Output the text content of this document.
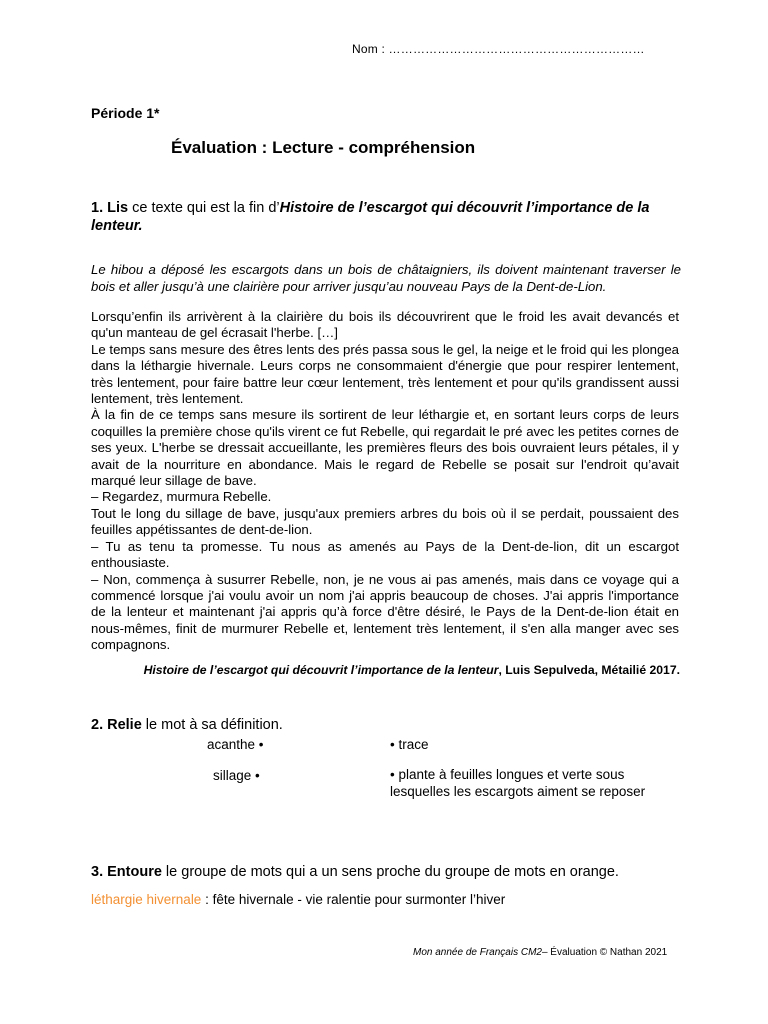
Nom : ………………………………………………………
Période 1*
Évaluation : Lecture - compréhension
1. Lis ce texte qui est la fin d’Histoire de l’escargot qui découvrit l’importance de la lenteur.
Le hibou a déposé les escargots dans un bois de châtaigniers, ils doivent maintenant traverser le bois et aller jusqu’à une clairière pour arriver jusqu’au nouveau Pays de la Dent-de-Lion.

Lorsqu’enfin ils arrivèrent à la clairière du bois ils découvrirent que le froid les avait devancés et qu'un manteau de gel écrasait l'herbe. […]

Le temps sans mesure des êtres lents des prés passa sous le gel, la neige et le froid qui les plongea dans la léthargie hivernale. Leurs corps ne consommaient d'énergie que pour respirer lentement, très lentement, pour faire battre leur cœur lentement, très lentement et pour qu'ils grandissent aussi lentement, très lentement.

À la fin de ce temps sans mesure ils sortirent de leur léthargie et, en sortant leurs corps de leurs coquilles la première chose qu'ils virent ce fut Rebelle, qui regardait le pré avec les petites cornes de ses yeux. L'herbe se dressait accueillante, les premières fleurs des bois ouvraient leurs pétales, il y avait de la nourriture en abondance. Mais le regard de Rebelle se posait sur l'endroit qu’avait marqué leur sillage de bave.

– Regardez, murmura Rebelle.

Tout le long du sillage de bave, jusqu'aux premiers arbres du bois où il se perdait, poussaient des feuilles appétissantes de dent-de-lion.

– Tu as tenu ta promesse. Tu nous as amenés au Pays de la Dent-de-lion, dit un escargot enthousiaste.

– Non, commença à susurrer Rebelle, non, je ne vous ai pas amenés, mais dans ce voyage qui a commencé lorsque j'ai voulu avoir un nom j'ai appris beaucoup de choses. J'ai appris l'importance de la lenteur et maintenant j'ai appris qu’à force d'être désiré, le Pays de la Dent-de-lion était en nous-mêmes, finit de murmurer Rebelle et, lentement très lentement, il s'en alla manger avec ses compagnons.

Histoire de l’escargot qui découvrit l’importance de la lenteur, Luis Sepulveda, Métailié 2017.
2. Relie le mot à sa définition.
acanthe •	• trace
sillage •	• plante à feuilles longues et verte sous lesquelles les escargots aiment se reposer
3. Entoure le groupe de mots qui a un sens proche du groupe de mots en orange.
léthargie hivernale : fête hivernale - vie ralentie pour surmonter l’hiver
Mon année de Français CM2– Évaluation © Nathan 2021
